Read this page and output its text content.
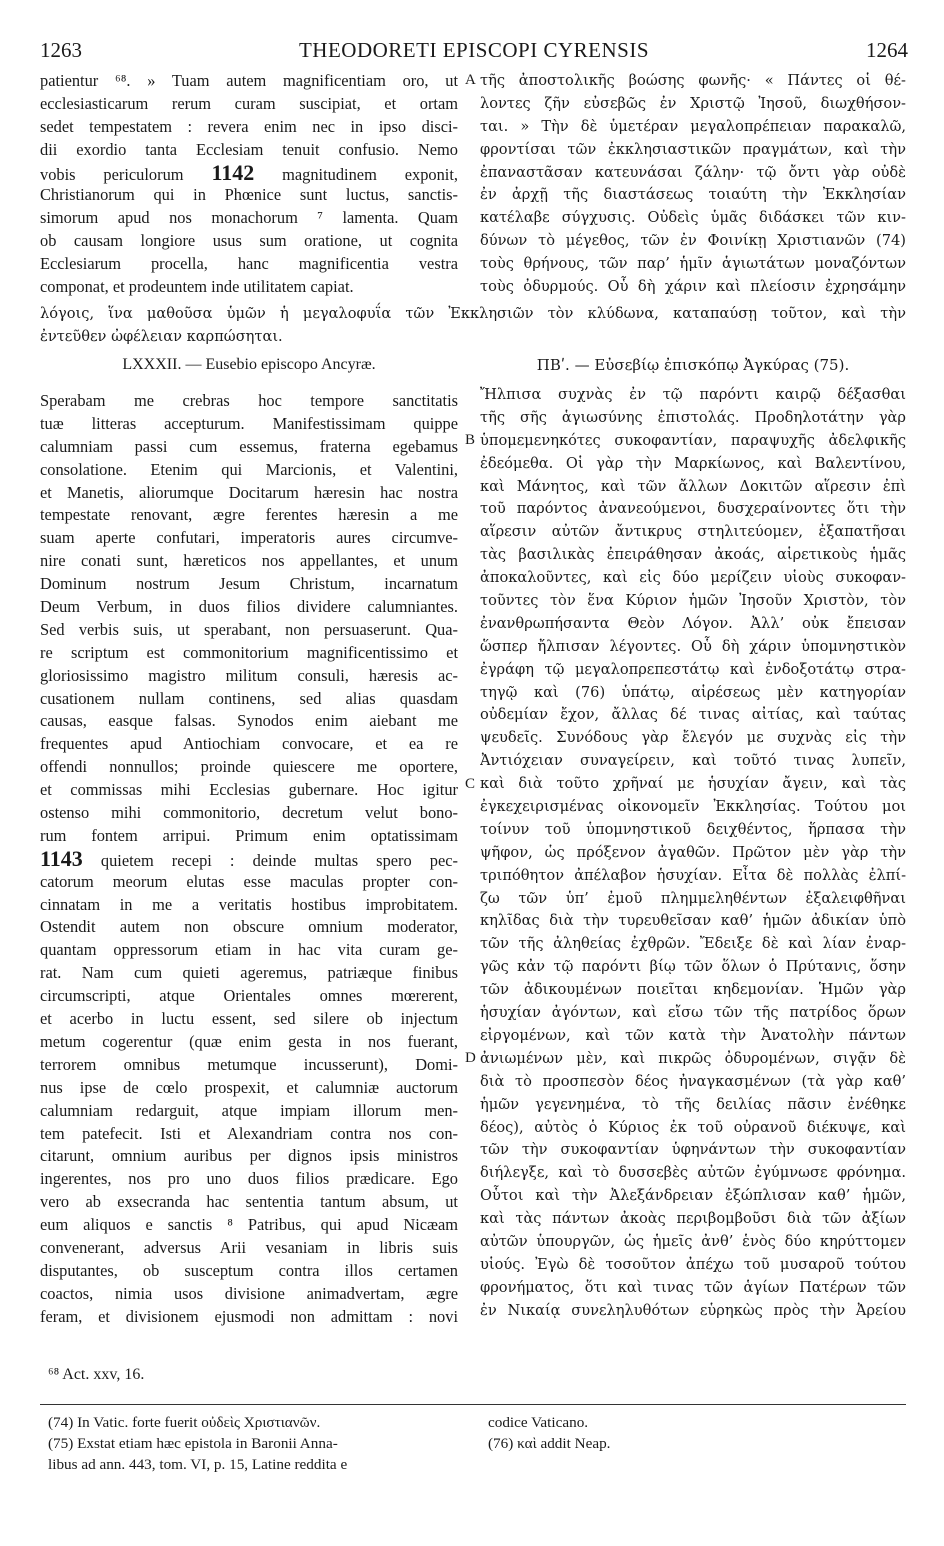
1263	THEODORETI EPISCOPI CYRENSIS	1264
patientur ⁶⁸. » Tuam autem magnificentiam oro, ut
ecclesiasticarum rerum curam suscipiat, et ortam
sedet tempestatem : revera enim nec in ipso disci-
dii exordio tanta Ecclesiam tenuit confusio. Nemo
vobis periculorum 1142 magnitudinem exponit,
Christianorum qui in Phœnice sunt luctus, sanctis-
simorum apud nos monachorum ⁷ lamenta. Quam
ob causam longiore usus sum oratione, ut cognita
Ecclesiarum procella, hanc magnificentia vestra
componat, et prodeuntem inde utilitatem capiat.
A τῆς ἀποστολικῆς βοώσης φωνῆς· « Πάντες οἱ θέ-
λοντες ζῆν εὐσεβῶς ἐν Χριστῷ Ἰησοῦ, διωχθήσον-
ται. » Τὴν δὲ ὑμετέραν μεγαλοπρέπειαν παρακαλῶ,
φροντίσαι τῶν ἐκκλησιαστικῶν πραγμάτων, καὶ τὴν
ἐπαναστᾶσαν κατευνάσαι ζάλην· τῷ ὄντι γὰρ οὐδὲ
ἐν ἀρχῇ τῆς διαστάσεως τοιαύτη τὴν Ἐκκλησίαν
κατέλαβε σύγχυσις. Οὐδεὶς ὑμᾶς διδάσκει τῶν κιν-
δύνων τὸ μέγεθος, τῶν ἐν Φοινίκῃ Χριστιανῶν (74)
τοὺς θρήνους, τῶν παρ’ ἡμῖν ἁγιωτάτων μοναζόντων
τοὺς ὀδυρμούς. Οὗ δὴ χάριν καὶ πλείοσιν ἐχρησάμην
λόγοις, ἵνα μαθοῦσα ὑμῶν ἡ μεγαλοφυΐα τῶν Ἐκκλησιῶν τὸν κλύδωνα, καταπαύσῃ τοῦτον, καὶ τὴν
ἐντεῦθεν ὠφέλειαν καρπώσηται.
LXXXII. — Eusebio episcopo Ancyræ.	ΠΒʹ. — Εὐσεβίῳ ἐπισκόπῳ Ἀγκύρας (75).
Sperabam me crebras hoc tempore sanctitatis
tuæ litteras accepturum. Manifestissimam quippe
calumniam passi cum essemus, fraterna egebamus
consolatione. Etenim qui Marcionis, et Valentini,
et Manetis, aliorumque Docitarum hæresin hac nostra
tempestate renovant, ægre ferentes hæresin a me
suam aperte confutari, imperatoris aures circumve-
nire conati sunt, hæreticos nos appellantes, et unum
Dominum nostrum Jesum Christum, incarnatum
Deum Verbum, in duos filios dividere calumniantes.
Sed verbis suis, ut sperabant, non persuaserunt. Qua-
re scriptum est commonitorium magnificentissimo et
gloriosissimo magistro militum consuli, hæresis ac-
cusationem nullam continens, sed alias quasdam
causas, easque falsas. Synodos enim aiebant me
frequentes apud Antiochiam convocare, et ea re
offendi nonnullos; proinde quiescere me oportere,
et commissas mihi Ecclesias gubernare. Hoc igitur
ostenso mihi commonitorio, decretum velut bono-
rum fontem arripui. Primum enim optatissimam
1143 quietem recepi : deinde multas spero pec-
catorum meorum elutas esse maculas propter con-
cinnatam in me a veritatis hostibus improbitatem.
Ostendit autem non obscure omnium moderator,
quantam oppressorum etiam in hac vita curam ge-
rat. Nam cum quieti ageremus, patriæque finibus
circumscripti, atque Orientales omnes mœrerent,
et acerbo in luctu essent, sed silere ob injectum
metum cogerentur (quæ enim gesta in nos fuerant,
terrorem omnibus metumque incusserunt), Domi-
nus ipse de cœlo prospexit, et calumniæ auctorum
calumniam redarguit, atque impiam illorum men-
tem patefecit. Isti et Alexandriam contra nos con-
citarunt, omnium auribus per dignos ipsis ministros
ingerentes, nos pro uno duos filios prædicare. Ego
vero ab exsecranda hac sententia tantum absum, ut
eum aliquos e sanctis ⁸ Patribus, qui apud Nicæam
convenerant, adversus Arii vesaniam in libris suis
disputantes, ob susceptum contra illos certamen
coactos, nimia usos divisione animadvertam, ægre
feram, et divisionem ejusmodi non admittam : novi
B
C
D
Ἤλπισα συχνὰς ἐν τῷ παρόντι καιρῷ δέξασθαι
τῆς σῆς ἁγιωσύνης ἐπιστολάς. Προδηλοτάτην γὰρ
ὑπομεμενηκότες συκοφαντίαν, παραψυχῆς ἀδελφικῆς
ἐδεόμεθα. Οἱ γὰρ τὴν Μαρκίωνος, καὶ Βαλεντίνου,
καὶ Μάνητος, καὶ τῶν ἄλλων Δοκιτῶν αἵρεσιν ἐπὶ
τοῦ παρόντος ἀνανεούμενοι, δυσχεραίνοντες ὅτι τὴν
αἵρεσιν αὐτῶν ἄντικρυς στηλιτεύομεν, ἐξαπατῆσαι
τὰς βασιλικὰς ἐπειράθησαν ἀκοάς, αἱρετικοὺς ἡμᾶς
ἀποκαλοῦντες, καὶ εἰς δύο μερίζειν υἱοὺς συκοφαν-
τοῦντες τὸν ἕνα Κύριον ἡμῶν Ἰησοῦν Χριστὸν, τὸν
ἐνανθρωπήσαντα Θεὸν Λόγον. Ἀλλ’ οὐκ ἔπεισαν
ὥσπερ ἤλπισαν λέγοντες. Οὗ δὴ χάριν ὑπομνηστικὸν
ἐγράφη τῷ μεγαλοπρεπεστάτῳ καὶ ἐνδοξοτάτῳ στρα-
τηγῷ καὶ (76) ὑπάτῳ, αἱρέσεως μὲν κατηγορίαν
οὐδεμίαν ἔχον, ἄλλας δέ τινας αἰτίας, καὶ ταύτας
ψευδεῖς. Συνόδους γὰρ ἔλεγόν με συχνὰς εἰς τὴν
Ἀντιόχειαν συναγείρειν, καὶ τοῦτό τινας λυπεῖν,
καὶ διὰ τοῦτο χρῆναί με ἡσυχίαν ἄγειν, καὶ τὰς
ἐγκεχειρισμένας οἰκονομεῖν Ἐκκλησίας. Τούτου μοι
τοίνυν τοῦ ὑπομνηστικοῦ δειχθέντος, ἥρπασα τὴν
ψῆφον, ὡς πρόξενον ἀγαθῶν. Πρῶτον μὲν γὰρ τὴν
τριπόθητον ἀπέλαβον ἡσυχίαν. Εἶτα δὲ πολλὰς ἐλπί-
ζω τῶν ὑπ’ ἐμοῦ πλημμεληθέντων ἐξαλειφθῆναι
κηλῖδας διὰ τὴν τυρευθεῖσαν καθ’ ἡμῶν ἀδικίαν ὑπὸ
τῶν τῆς ἀληθείας ἐχθρῶν. Ἔδειξε δὲ καὶ λίαν ἐναρ-
γῶς κἀν τῷ παρόντι βίῳ τῶν ὅλων ὁ Πρύτανις, ὅσην
τῶν ἀδικουμένων ποιεῖται κηδεμονίαν. Ἡμῶν γὰρ
ἡσυχίαν ἀγόντων, καὶ εἴσω τῶν τῆς πατρίδος ὅρων
εἰργομένων, καὶ τῶν κατὰ τὴν Ἀνατολὴν πάντων
ἀνιωμένων μὲν, καὶ πικρῶς ὀδυρομένων, σιγᾷν δὲ
διὰ τὸ προσπεσὸν δέος ἠναγκασμένων (τὰ γὰρ καθ’
ἡμῶν γεγενημένα, τὸ τῆς δειλίας πᾶσιν ἐνέθηκε
δέος), αὐτὸς ὁ Κύριος ἐκ τοῦ οὐρανοῦ διέκυψε, καὶ
τῶν τὴν συκοφαντίαν ὑφηνάντων τὴν συκοφαντίαν
διήλεγξε, καὶ τὸ δυσσεβὲς αὐτῶν ἐγύμνωσε φρόνημα.
Οὗτοι καὶ τὴν Ἀλεξάνδρειαν ἐξώπλισαν καθ’ ἡμῶν,
καὶ τὰς πάντων ἀκοὰς περιβομβοῦσι διὰ τῶν ἀξίων
αὐτῶν ὑπουργῶν, ὡς ἡμεῖς ἀνθ’ ἑνὸς δύο κηρύττομεν
υἱούς. Ἐγὼ δὲ τοσοῦτον ἀπέχω τοῦ μυσαροῦ τούτου
φρονήματος, ὅτι καὶ τινας τῶν ἁγίων Πατέρων τῶν
ἐν Νικαίᾳ συνεληλυθότων εὑρηκὼς πρὸς τὴν Ἀρείου
⁶⁸ Act. xxv, 16.
(74) In Vatic. forte fuerit οὐδεὶς Χριστιανῶν.
(75) Exstat etiam hæc epistola in Baronii Anna-
libus ad ann. 443, tom. VI, p. 15, Latine reddita e
codice Vaticano.
(76) καὶ addit Neap.
